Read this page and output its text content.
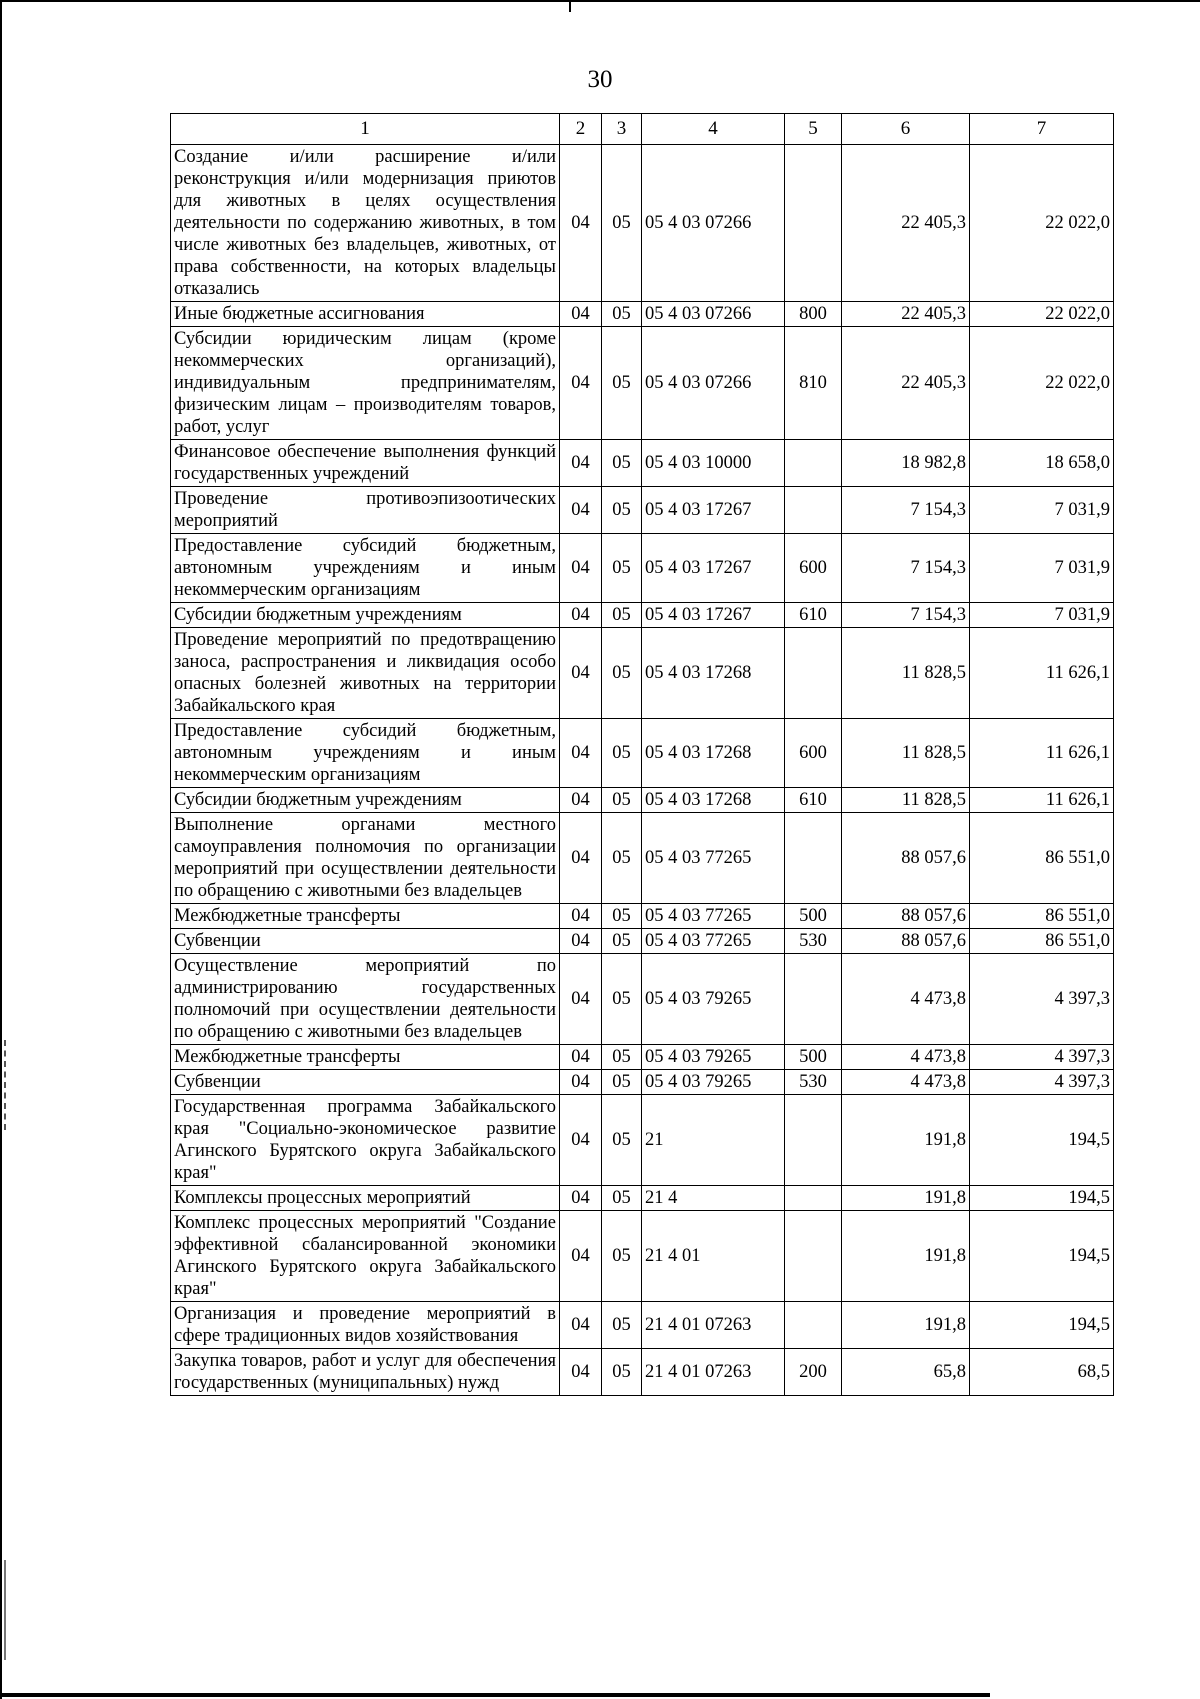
30
1	2	3	4	5	6	7
Создание и/или расширение и/или реконструкция и/или модернизация приютов для животных в целях осуществления деятельности по содержанию животных, в том числе животных без владельцев, животных, от права собственности, на которых владельцы отказались	04	05	05 4 03 07266		22 405,3	22 022,0
Иные бюджетные ассигнования	04	05	05 4 03 07266	800	22 405,3	22 022,0
Субсидии юридическим лицам (кроме некоммерческих организаций), индивидуальным предпринимателям, физическим лицам – производителям товаров, работ, услуг	04	05	05 4 03 07266	810	22 405,3	22 022,0
Финансовое обеспечение выполнения функций государственных учреждений	04	05	05 4 03 10000		18 982,8	18 658,0
Проведение противоэпизоотических мероприятий	04	05	05 4 03 17267		7 154,3	7 031,9
Предоставление субсидий бюджетным, автономным учреждениям и иным некоммерческим организациям	04	05	05 4 03 17267	600	7 154,3	7 031,9
Субсидии бюджетным учреждениям	04	05	05 4 03 17267	610	7 154,3	7 031,9
Проведение мероприятий по предотвращению заноса, распространения и ликвидация особо опасных болезней животных на территории Забайкальского края	04	05	05 4 03 17268		11 828,5	11 626,1
Предоставление субсидий бюджетным, автономным учреждениям и иным некоммерческим организациям	04	05	05 4 03 17268	600	11 828,5	11 626,1
Субсидии бюджетным учреждениям	04	05	05 4 03 17268	610	11 828,5	11 626,1
Выполнение органами местного самоуправления полномочия по организации мероприятий при осуществлении деятельности по обращению с животными без владельцев	04	05	05 4 03 77265		88 057,6	86 551,0
Межбюджетные трансферты	04	05	05 4 03 77265	500	88 057,6	86 551,0
Субвенции	04	05	05 4 03 77265	530	88 057,6	86 551,0
Осуществление мероприятий по администрированию государственных полномочий при осуществлении деятельности по обращению с животными без владельцев	04	05	05 4 03 79265		4 473,8	4 397,3
Межбюджетные трансферты	04	05	05 4 03 79265	500	4 473,8	4 397,3
Субвенции	04	05	05 4 03 79265	530	4 473,8	4 397,3
Государственная программа Забайкальского края "Социально-экономическое развитие Агинского Бурятского округа Забайкальского края"	04	05	21		191,8	194,5
Комплексы процессных мероприятий	04	05	21 4		191,8	194,5
Комплекс процессных мероприятий "Создание эффективной сбалансированной экономики Агинского Бурятского округа Забайкальского края"	04	05	21 4 01		191,8	194,5
Организация и проведение мероприятий в сфере традиционных видов хозяйствования	04	05	21 4 01 07263		191,8	194,5
Закупка товаров, работ и услуг для обеспечения государственных (муниципальных) нужд	04	05	21 4 01 07263	200	65,8	68,5
